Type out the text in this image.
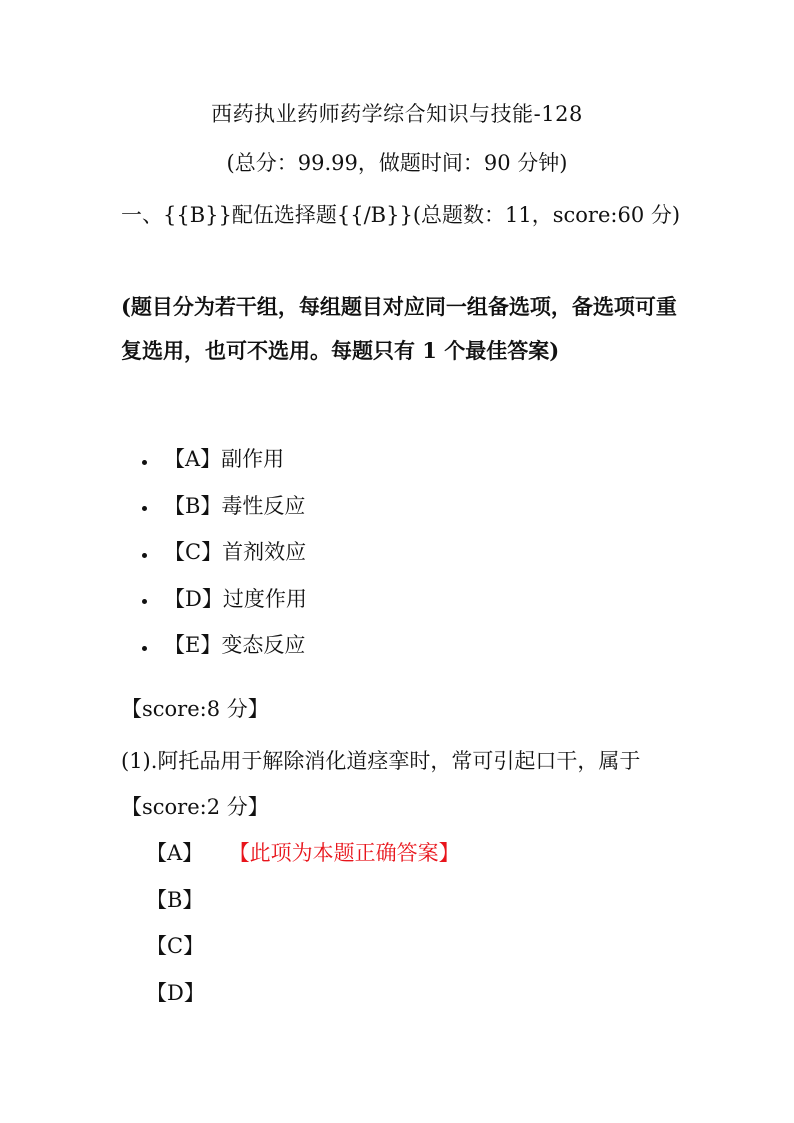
西药执业药师药学综合知识与技能-128
(总分：99.99，做题时间：90 分钟)
一、{{B}}配伍选择题{{/B}}(总题数：11，score:60 分)
(题目分为若干组，每组题目对应同一组备选项，备选项可重复选用，也可不选用。每题只有 1 个最佳答案)
【A】副作用
【B】毒性反应
【C】首剂效应
【D】过度作用
【E】变态反应
【score:8 分】
(1).阿托品用于解除消化道痉挛时，常可引起口干，属于【score:2 分】
【A】 【此项为本题正确答案】
【B】
【C】
【D】
